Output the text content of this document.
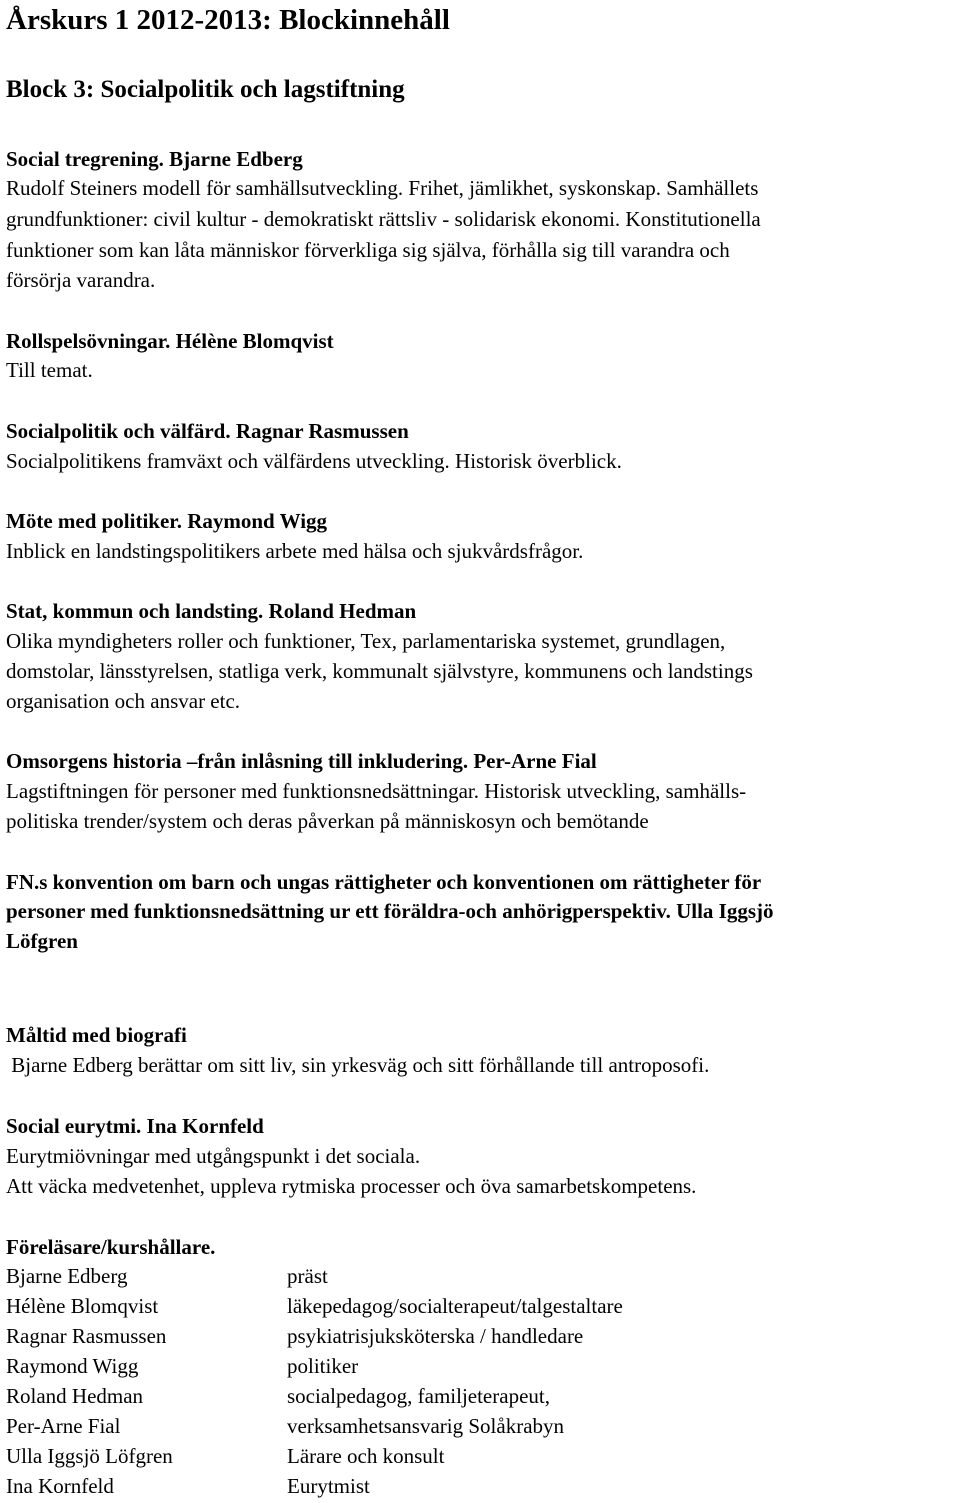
Årskurs 1 2012-2013: Blockinnehåll
Block 3: Socialpolitik och lagstiftning
Social tregrening. Bjarne Edberg
Rudolf Steiners modell för samhällsutveckling. Frihet, jämlikhet, syskonskap. Samhällets
grundfunktioner: civil kultur - demokratiskt rättsliv - solidarisk ekonomi. Konstitutionella
funktioner som kan låta människor förverkliga sig själva, förhålla sig till varandra och
försörja varandra.
Rollspelsövningar. Hélène Blomqvist
Till temat.
Socialpolitik och välfärd. Ragnar Rasmussen
Socialpolitikens framväxt och välfärdens utveckling. Historisk överblick.
Möte med politiker. Raymond Wigg
Inblick en landstingspolitikers arbete med hälsa och sjukvårdsfrågor.
Stat, kommun och landsting. Roland Hedman
Olika myndigheters roller och funktioner, Tex, parlamentariska systemet, grundlagen,
domstolar, länsstyrelsen, statliga verk, kommunalt självstyre, kommunens och landstings
organisation och ansvar etc.
Omsorgens historia –från inlåsning till inkludering. Per-Arne Fial
Lagstiftningen för personer med funktionsnedsättningar. Historisk utveckling, samhälls-
politiska trender/system och deras påverkan på människosyn och bemötande
FN.s konvention om barn och ungas rättigheter och konventionen om rättigheter för
personer med funktionsnedsättning ur ett föräldra-och anhörigperspektiv. Ulla Iggsjö
Löfgren
Måltid med biografi
Bjarne Edberg berättar om sitt liv, sin yrkesväg och sitt förhållande till antroposofi.
Social eurytmi. Ina Kornfeld
Eurytmiövningar med utgångspunkt i det sociala.
Att väcka medvetenhet, uppleva rytmiska processer och öva samarbetskompetens.
Föreläsare/kurshållare.
Bjarne Edberg	präst
Hélène Blomqvist	läkepedagog/socialterapeut/talgestaltare
Ragnar Rasmussen	psykiatrisjuksköterska / handledare
Raymond Wigg	politiker
Roland Hedman	socialpedagog, familjeterapeut,
Per-Arne Fial	verksamhetsansvarig Solåkrabyn
Ulla Iggsjö Löfgren	Lärare och konsult
Ina Kornfeld	Eurytmist
